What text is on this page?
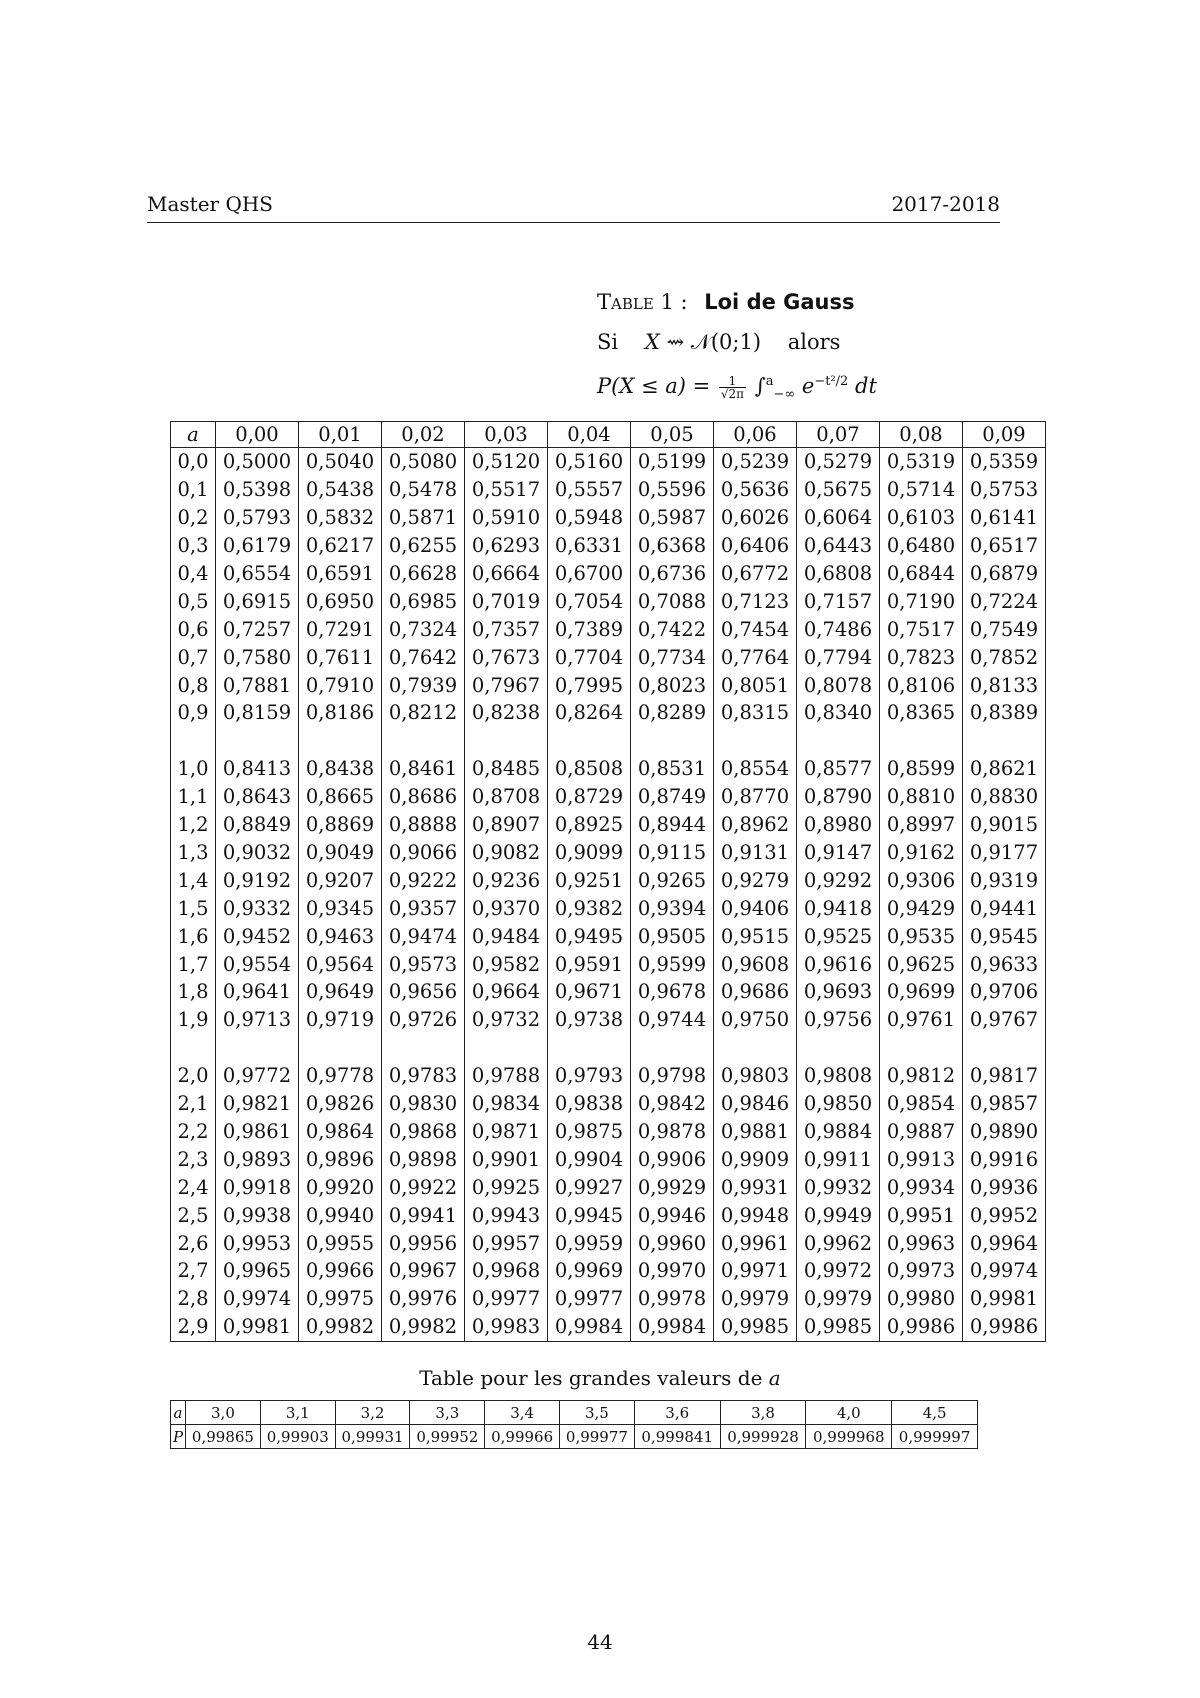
Master QHS	2017-2018
Table 1 : Loi de Gauss
Si X ⇝ 𝒩(0;1) alors
$P(X \le a) = \frac{1}{√2\pi} \int^a_{-\infty}$ $e^{-t^2/2}$ dt
a	0,00	0,01	0,02	0,03	0,04	0,05	0,06	0,07	0,08	0,09
0,0	0,5000	0,5040	0,5080	0,5120	0,5160	0,5199	0,5239	0,5279	0,5319	0,5359
0,1	0,5398	0,5438	0,5478	0,5517	0,5557	0,5596	0,5636	0,5675	0,5714	0,5753
0,2	0,5793	0,5832	0,5871	0,5910	0,5948	0,5987	0,6026	0,6064	0,6103	0,6141
0,3	0,6179	0,6217	0,6255	0,6293	0,6331	0,6368	0,6406	0,6443	0,6480	0,6517
0,4	0,6554	0,6591	0,6628	0,6664	0,6700	0,6736	0,6772	0,6808	0,6844	0,6879
0,5	0,6915	0,6950	0,6985	0,7019	0,7054	0,7088	0,7123	0,7157	0,7190	0,7224
0,6	0,7257	0,7291	0,7324	0,7357	0,7389	0,7422	0,7454	0,7486	0,7517	0,7549
0,7	0,7580	0,7611	0,7642	0,7673	0,7704	0,7734	0,7764	0,7794	0,7823	0,7852
0,8	0,7881	0,7910	0,7939	0,7967	0,7995	0,8023	0,8051	0,8078	0,8106	0,8133
0,9	0,8159	0,8186	0,8212	0,8238	0,8264	0,8289	0,8315	0,8340	0,8365	0,8389

1,0	0,8413	0,8438	0,8461	0,8485	0,8508	0,8531	0,8554	0,8577	0,8599	0,8621
1,1	0,8643	0,8665	0,8686	0,8708	0,8729	0,8749	0,8770	0,8790	0,8810	0,8830
1,2	0,8849	0,8869	0,8888	0,8907	0,8925	0,8944	0,8962	0,8980	0,8997	0,9015
1,3	0,9032	0,9049	0,9066	0,9082	0,9099	0,9115	0,9131	0,9147	0,9162	0,9177
1,4	0,9192	0,9207	0,9222	0,9236	0,9251	0,9265	0,9279	0,9292	0,9306	0,9319
1,5	0,9332	0,9345	0,9357	0,9370	0,9382	0,9394	0,9406	0,9418	0,9429	0,9441
1,6	0,9452	0,9463	0,9474	0,9484	0,9495	0,9505	0,9515	0,9525	0,9535	0,9545
1,7	0,9554	0,9564	0,9573	0,9582	0,9591	0,9599	0,9608	0,9616	0,9625	0,9633
1,8	0,9641	0,9649	0,9656	0,9664	0,9671	0,9678	0,9686	0,9693	0,9699	0,9706
1,9	0,9713	0,9719	0,9726	0,9732	0,9738	0,9744	0,9750	0,9756	0,9761	0,9767

2,0	0,9772	0,9778	0,9783	0,9788	0,9793	0,9798	0,9803	0,9808	0,9812	0,9817
2,1	0,9821	0,9826	0,9830	0,9834	0,9838	0,9842	0,9846	0,9850	0,9854	0,9857
2,2	0,9861	0,9864	0,9868	0,9871	0,9875	0,9878	0,9881	0,9884	0,9887	0,9890
2,3	0,9893	0,9896	0,9898	0,9901	0,9904	0,9906	0,9909	0,9911	0,9913	0,9916
2,4	0,9918	0,9920	0,9922	0,9925	0,9927	0,9929	0,9931	0,9932	0,9934	0,9936
2,5	0,9938	0,9940	0,9941	0,9943	0,9945	0,9946	0,9948	0,9949	0,9951	0,9952
2,6	0,9953	0,9955	0,9956	0,9957	0,9959	0,9960	0,9961	0,9962	0,9963	0,9964
2,7	0,9965	0,9966	0,9967	0,9968	0,9969	0,9970	0,9971	0,9972	0,9973	0,9974
2,8	0,9974	0,9975	0,9976	0,9977	0,9977	0,9978	0,9979	0,9979	0,9980	0,9981
2,9	0,9981	0,9982	0,9982	0,9983	0,9984	0,9984	0,9985	0,9985	0,9986	0,9986
Table pour les grandes valeurs de a
a	3,0	3,1	3,2	3,3	3,4	3,5	3,6	3,8	4,0	4,5
P	0,99865	0,99903	0,99931	0,99952	0,99966	0,99977	0,999841	0,999928	0,999968	0,999997
44
